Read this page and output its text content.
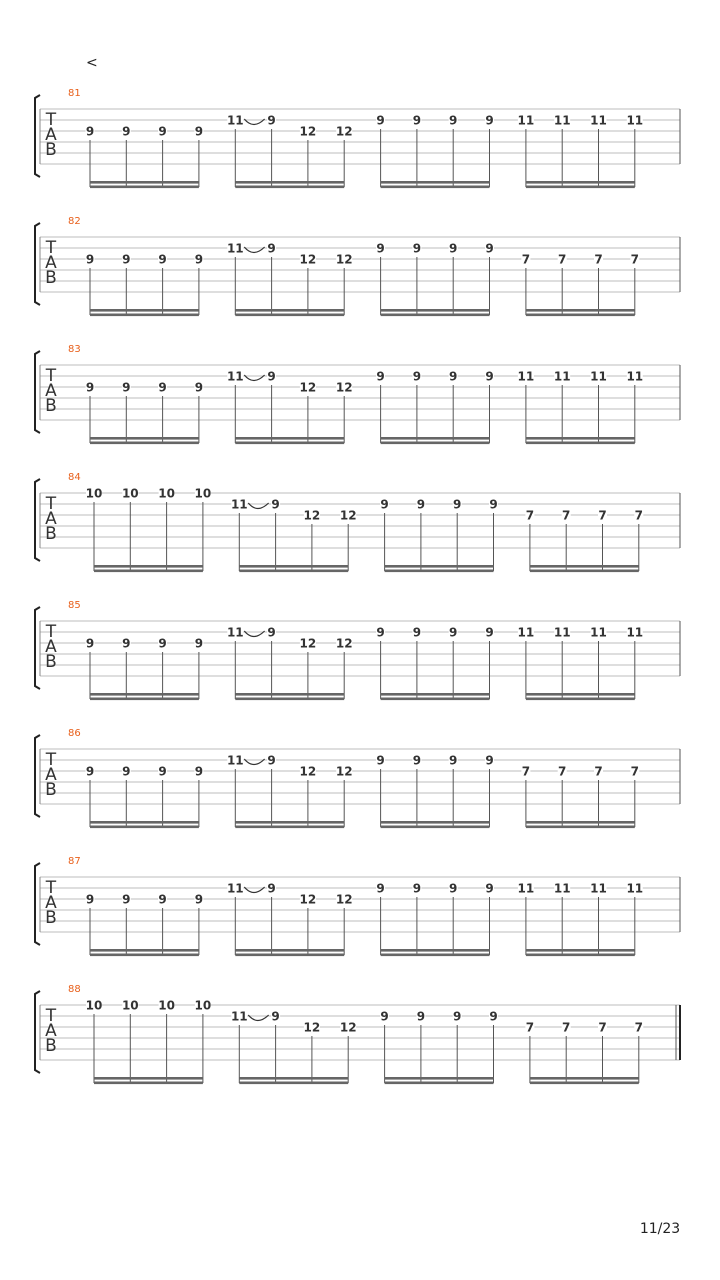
<
81
T
A
B
9 9 9 9
11 9
12 12
9 9 9 9 11 11 11 11
82
T
A
B
9 9 9 9
11 9
12 12
9 9 9 9
7 7 7 7
83
T
A
B
9 9 9 9
11 9
12 12
9 9 9 9 11 11 11 11
84
T
A
B
10 10 10 10
11 9
12 12
9 9 9 9
7 7 7 7
85
T
A
B
9 9 9 9
11 9
12 12
9 9 9 9 11 11 11 11
86
T
A
B
9 9 9 9
11 9
12 12
9 9 9 9
7 7 7 7
87
T
A
B
9 9 9 9
11 9
12 12
9 9 9 9 11 11 11 11
88
T
A
B
10 10 10 10
11 9
12 12
9 9 9 9
7 7 7 7
11/23
